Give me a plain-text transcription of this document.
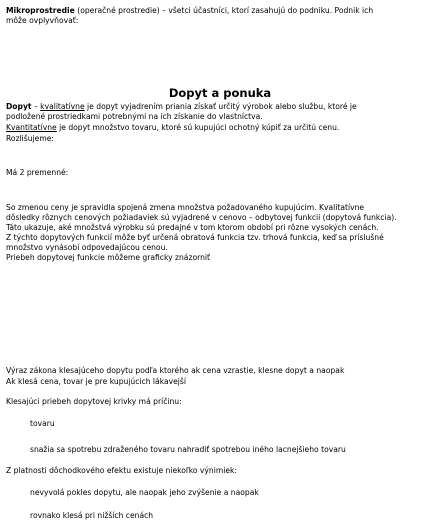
Mikroprostredie (operačné prostredie) – všetci účastníci, ktorí zasahujú do podniku. Podnik ich
môže ovplyvňovať:
Dopyt a ponuka
Dopyt – kvalitatívne je dopyt vyjadrením priania získať určitý výrobok alebo službu, ktoré je
podložené prostriedkami potrebnými na ich získanie do vlastníctva.
Kvantitatívne je dopyt množstvo tovaru, ktoré sú kupujúci ochotný kúpiť za určitú cenu.
Rozlišujeme:
Má 2 premenné:
So zmenou ceny je spravidla spojená zmena množstva požadovaného kupujúcim. Kvalitatívne
dôsledky rôznych cenových požiadaviek sú vyjadrené v cenovo – odbytovej funkcii (dopytová funkcia).
Táto ukazuje, aké množstvá výrobku sú predajné v tom ktorom období pri rôzne vysokých cenách.
Z týchto dopytových funkcií môže byť určená obratová funkcia tzv. trhová funkcia, keď sa príslušné
množstvo vynásobí odpovedajúcou cenou.
Priebeh dopytovej funkcie môžeme graficky znázorniť
Výraz zákona klesajúceho dopytu podľa ktorého ak cena vzrastie, klesne dopyt a naopak
Ak klesá cena, tovar je pre kupujúcich lákavejší
Klesajúci priebeh dopytovej krivky má príčinu:
tovaru
snažia sa spotrebu zdraženého tovaru nahradiť spotrebou iného lacnejšieho tovaru
Z platnosti dôchodkového efektu existuje niekoľko výnimiek:
nevyvolá pokles dopytu, ale naopak jeho zvýšenie a naopak
rovnako klesá pri nižších cenách
